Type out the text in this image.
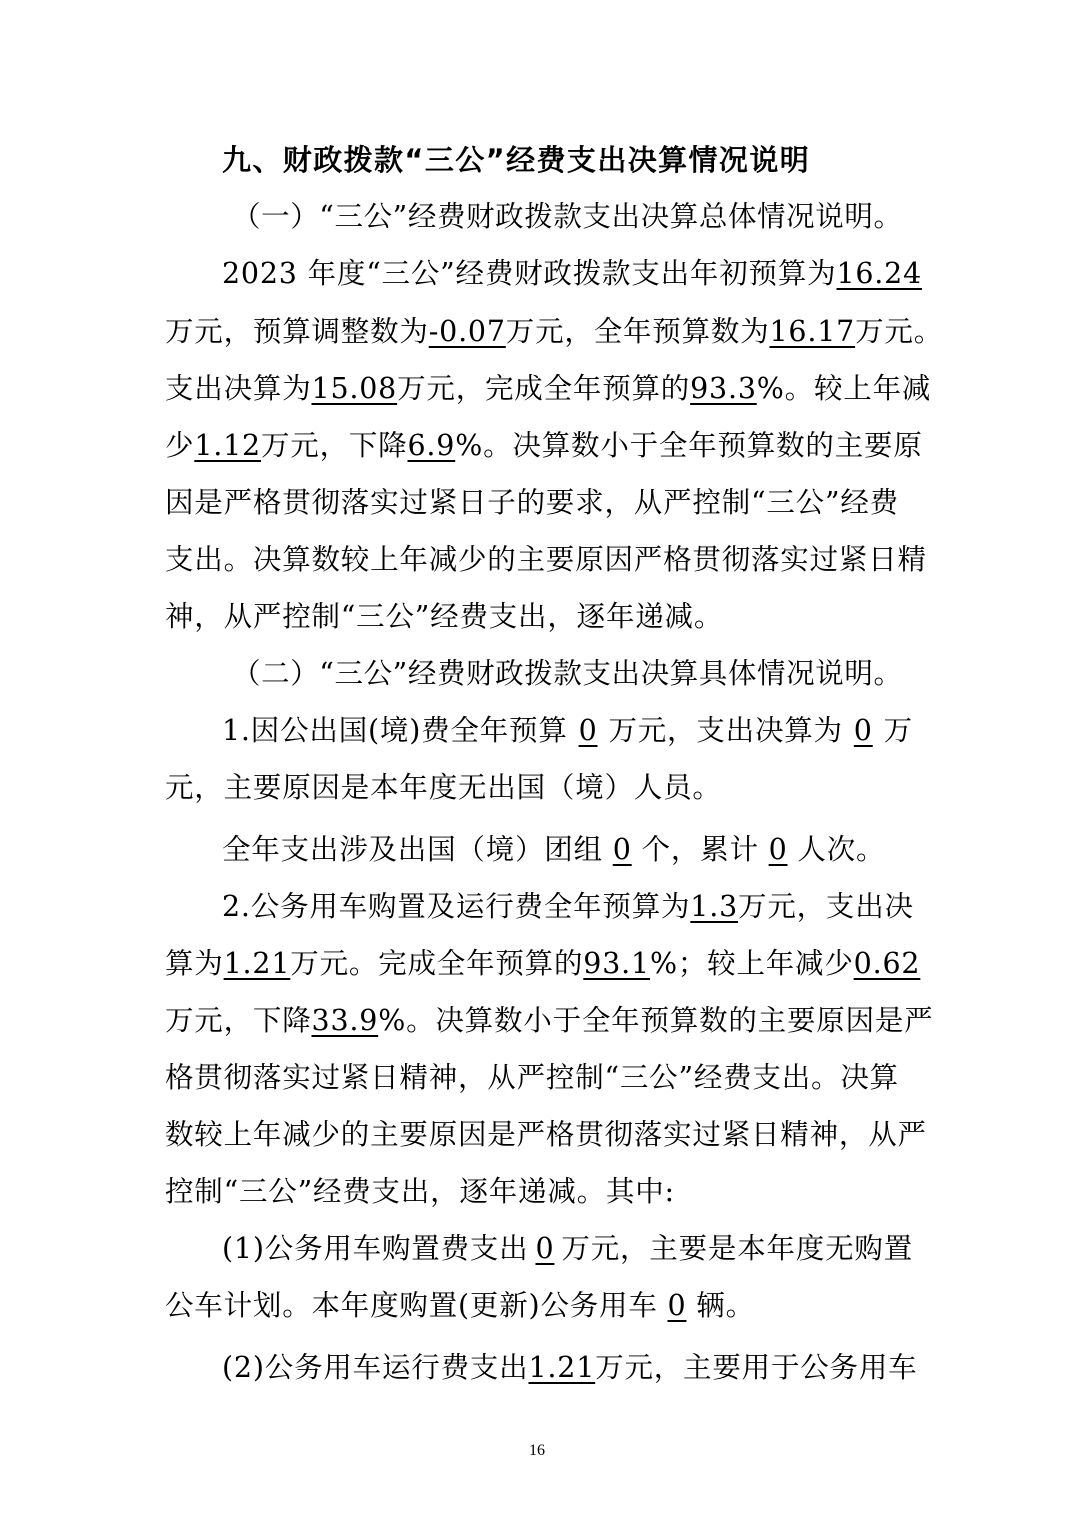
九、财政拨款“三公”经费支出决算情况说明
（一）“三公”经费财政拨款支出决算总体情况说明。
2023 年度“三公”经费财政拨款支出年初预算为 16.24
万元，预算调整数为 -0.07 万元，全年预算数为 16.17 万元。
支出决算为 15.08 万元，完成全年预算的 93.3 %。较上年减
少 1.12 万元，下降 6.9 %。决算数小于全年预算数的主要原
因是严格贯彻落实过紧日子的要求，从严控制“三公”经费
支出。决算数较上年减少的主要原因严格贯彻落实过紧日精
神，从严控制“三公”经费支出，逐年递减。
（二）“三公”经费财政拨款支出决算具体情况说明。
1.因公出国(境)费全年预算 0 万元，支出决算为 0 万
元，主要原因是本年度无出国（境）人员。
全年支出涉及出国（境）团组 0 个，累计 0 人次。
2.公务用车购置及运行费全年预算为 1.3 万元，支出决
算为 1.21 万元。完成全年预算的 93.1 %；较上年减少 0.62
万元，下降 33.9 %。决算数小于全年预算数的主要原因是严
格贯彻落实过紧日精神，从严控制“三公”经费支出。决算
数较上年减少的主要原因是严格贯彻落实过紧日精神，从严
控制“三公”经费支出，逐年递减。其中:
(1)公务用车购置费支出 0 万元，主要是本年度无购置
公车计划。本年度购置(更新)公务用车 0 辆。
(2)公务用车运行费支出 1.21 万元，主要用于公务用车
16
